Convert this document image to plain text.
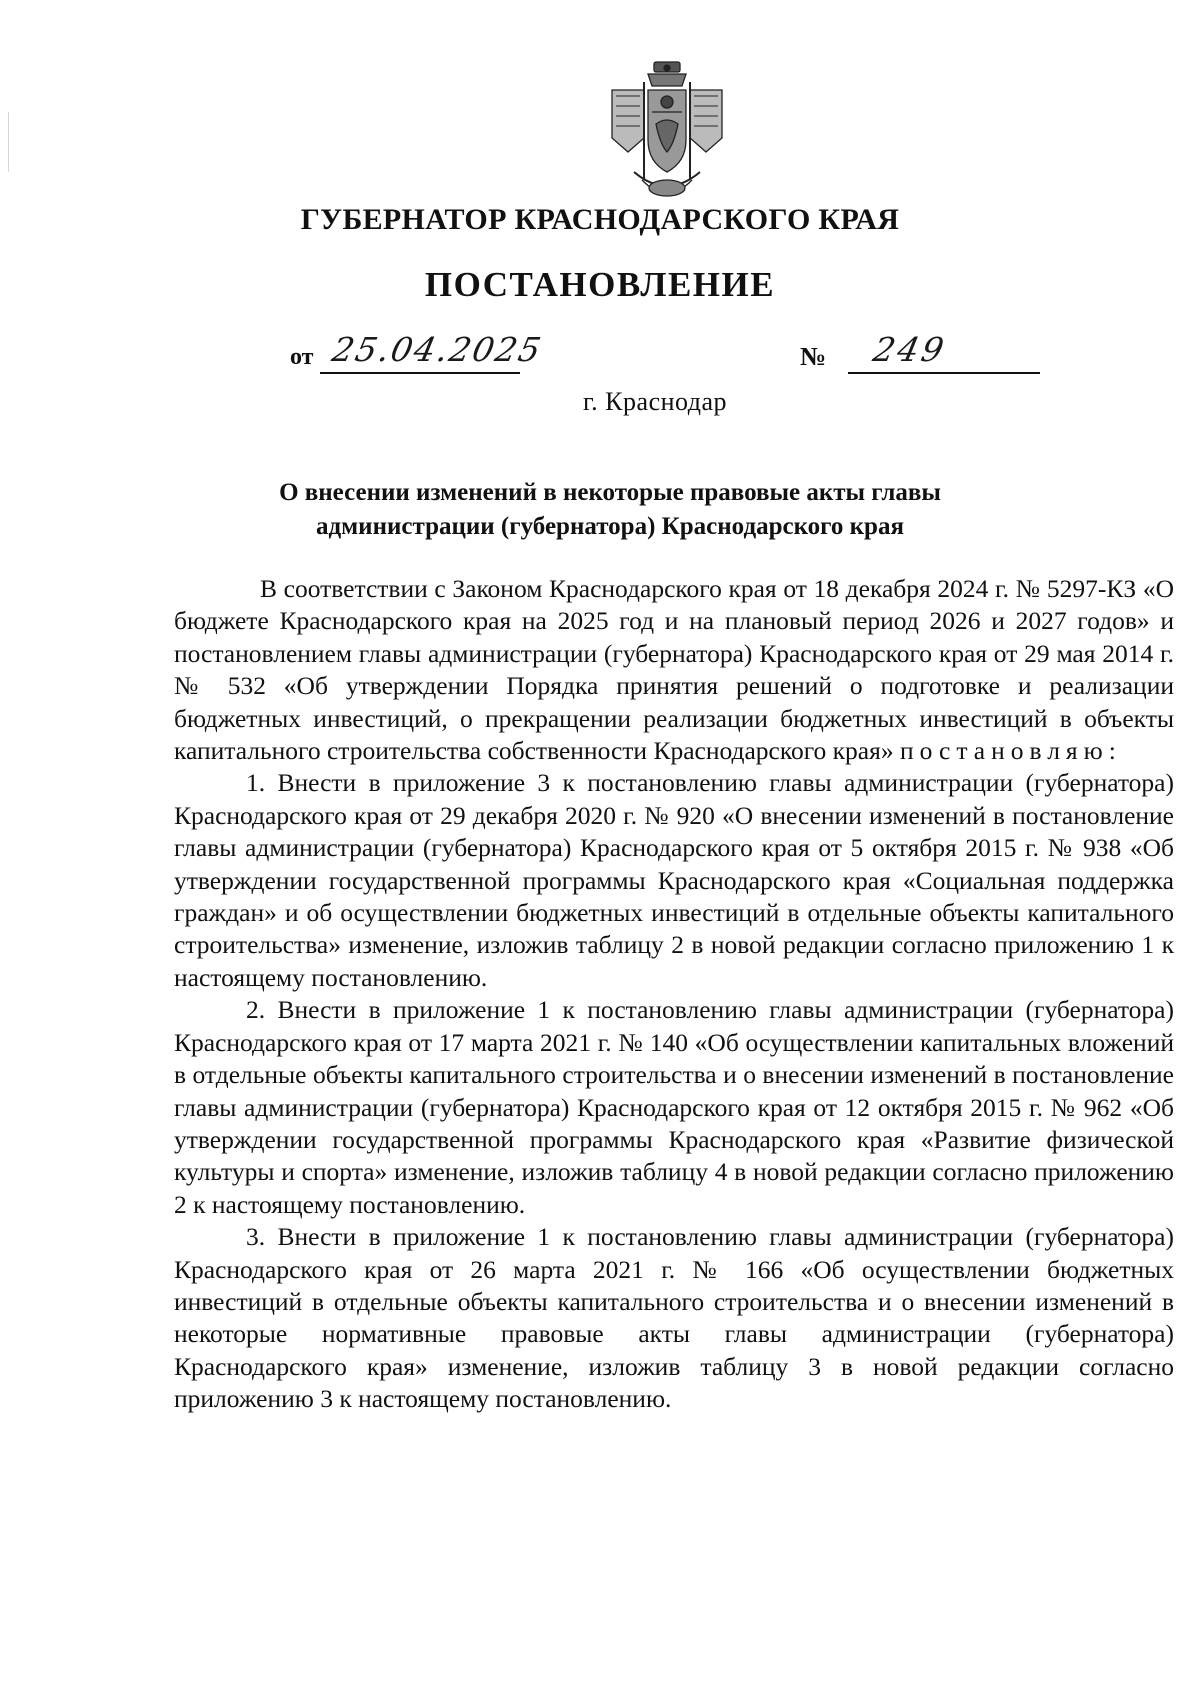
ГУБЕРНАТОР КРАСНОДАРСКОГО КРАЯ
ПОСТАНОВЛЕНИЕ
от 25.04.2025	№ 249
г. Краснодар
О внесении изменений в некоторые правовые акты главы
администрации (губернатора) Краснодарского края

В соответствии с Законом Краснодарского края от 18 декабря 2024 г. № 5297-КЗ «О бюджете Краснодарского края на 2025 год и на плановый период 2026 и 2027 годов» и постановлением главы администрации (губернатора) Краснодарского края от 29 мая 2014 г. № 532 «Об утверждении Порядка принятия решений о подготовке и реализации бюджетных инвестиций, о прекращении реализации бюджетных инвестиций в объекты капитального строительства собственности Краснодарского края» постановляю:

1. Внести в приложение 3 к постановлению главы администрации (губернатора) Краснодарского края от 29 декабря 2020 г. № 920 «О внесении изменений в постановление главы администрации (губернатора) Краснодарского края от 5 октября 2015 г. № 938 «Об утверждении государственной программы Краснодарского края «Социальная поддержка граждан» и об осуществлении бюджетных инвестиций в отдельные объекты капитального строительства» изменение, изложив таблицу 2 в новой редакции согласно приложению 1 к настоящему постановлению.

2. Внести в приложение 1 к постановлению главы администрации (губернатора) Краснодарского края от 17 марта 2021 г. № 140 «Об осуществлении капитальных вложений в отдельные объекты капитального строительства и о внесении изменений в постановление главы администрации (губернатора) Краснодарского края от 12 октября 2015 г. № 962 «Об утверждении государственной программы Краснодарского края «Развитие физической культуры и спорта» изменение, изложив таблицу 4 в новой редакции согласно приложению 2 к настоящему постановлению.

3. Внести в приложение 1 к постановлению главы администрации (губернатора) Краснодарского края от 26 марта 2021 г. № 166 «Об осуществлении бюджетных инвестиций в отдельные объекты капитального строительства и о внесении изменений в некоторые нормативные правовые акты главы администрации (губернатора) Краснодарского края» изменение, изложив таблицу 3 в новой редакции согласно приложению 3 к настоящему постановлению.
